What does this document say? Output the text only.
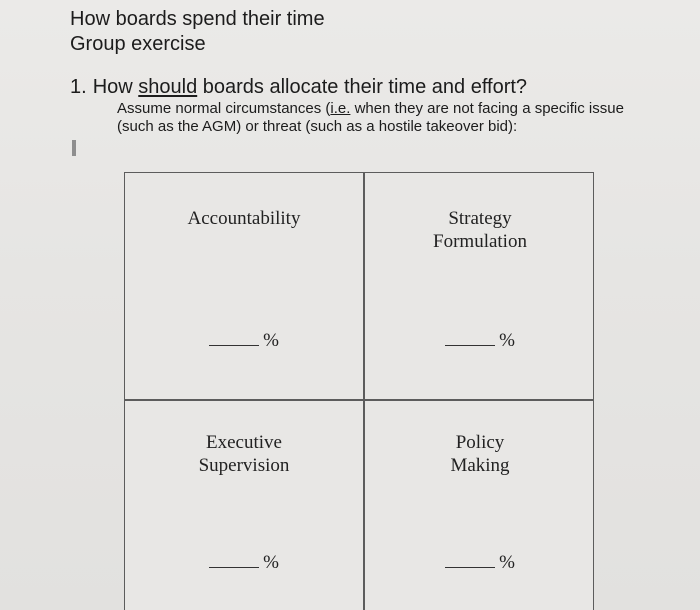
How boards spend their time
Group exercise
1. How should boards allocate their time and effort?
Assume normal circumstances (i.e. when they are not facing a specific issue (such as the AGM) or threat (such as a hostile takeover bid):
Accountability
%
Strategy
Formulation
%
Executive
Supervision
%
Policy
Making
%
